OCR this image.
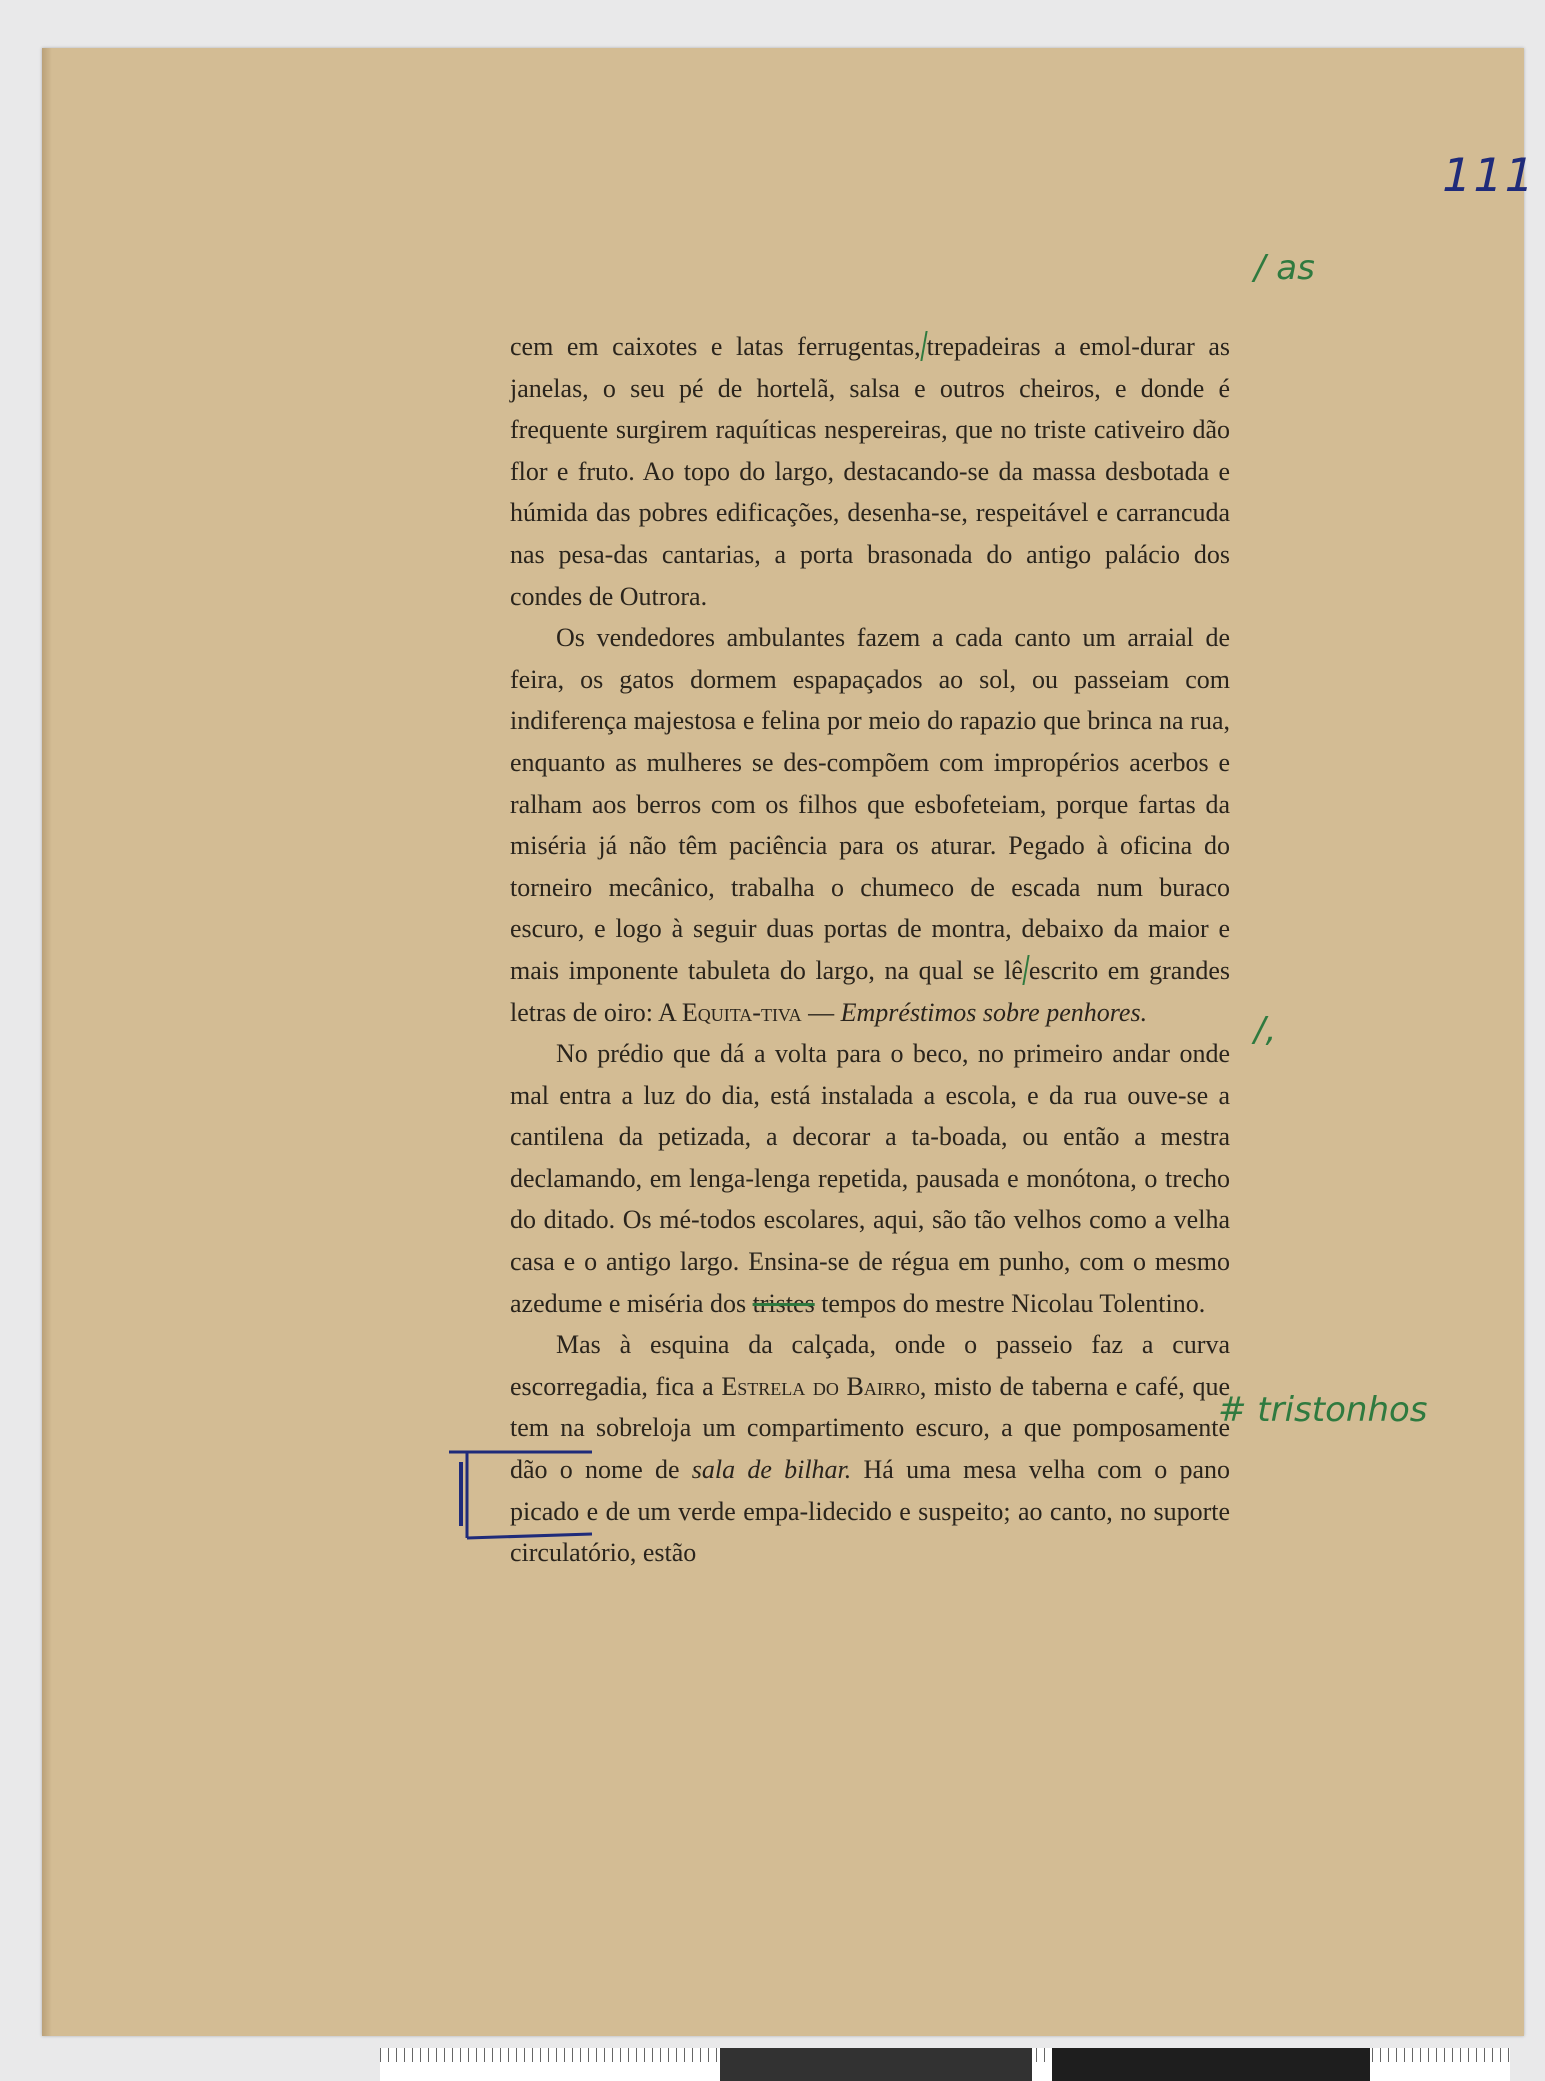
111
/ as
/,
# tristonhos

cem em caixotes e latas ferrugentas, trepadeiras a emol-durar as janelas, o seu pé de hortelã, salsa e outros cheiros, e donde é frequente surgirem raquíticas nespereiras, que no triste cativeiro dão flor e fruto. Ao topo do largo, destacando-se da massa desbotada e húmida das pobres edificações, desenha-se, respeitável e carrancuda nas pesa-das cantarias, a porta brasonada do antigo palácio dos condes de Outrora.

Os vendedores ambulantes fazem a cada canto um arraial de feira, os gatos dormem espapaçados ao sol, ou passeiam com indiferença majestosa e felina por meio do rapazio que brinca na rua, enquanto as mulheres se des-compõem com impropérios acerbos e ralham aos berros com os filhos que esbofeteiam, porque fartas da miséria já não têm paciência para os aturar. Pegado à oficina do torneiro mecânico, trabalha o chumeco de escada num buraco escuro, e logo à seguir duas portas de montra, debaixo da maior e mais imponente tabuleta do largo, na qual se lê escrito em grandes letras de oiro: A Equita-tiva — Empréstimos sobre penhores.

No prédio que dá a volta para o beco, no primeiro andar onde mal entra a luz do dia, está instalada a escola, e da rua ouve-se a cantilena da petizada, a decorar a ta-boada, ou então a mestra declamando, em lenga-lenga repetida, pausada e monótona, o trecho do ditado. Os mé-todos escolares, aqui, são tão velhos como a velha casa e o antigo largo. Ensina-se de régua em punho, com o mesmo azedume e miséria dos tristes tempos do mestre Nicolau Tolentino.

Mas à esquina da calçada, onde o passeio faz a curva escorregadia, fica a Estrela do Bairro, misto de taberna e café, que tem na sobreloja um compartimento escuro, a que pomposamente dão o nome de sala de bilhar. Há uma mesa velha com o pano picado e de um verde empa-lidecido e suspeito; ao canto, no suporte circulatório, estão
